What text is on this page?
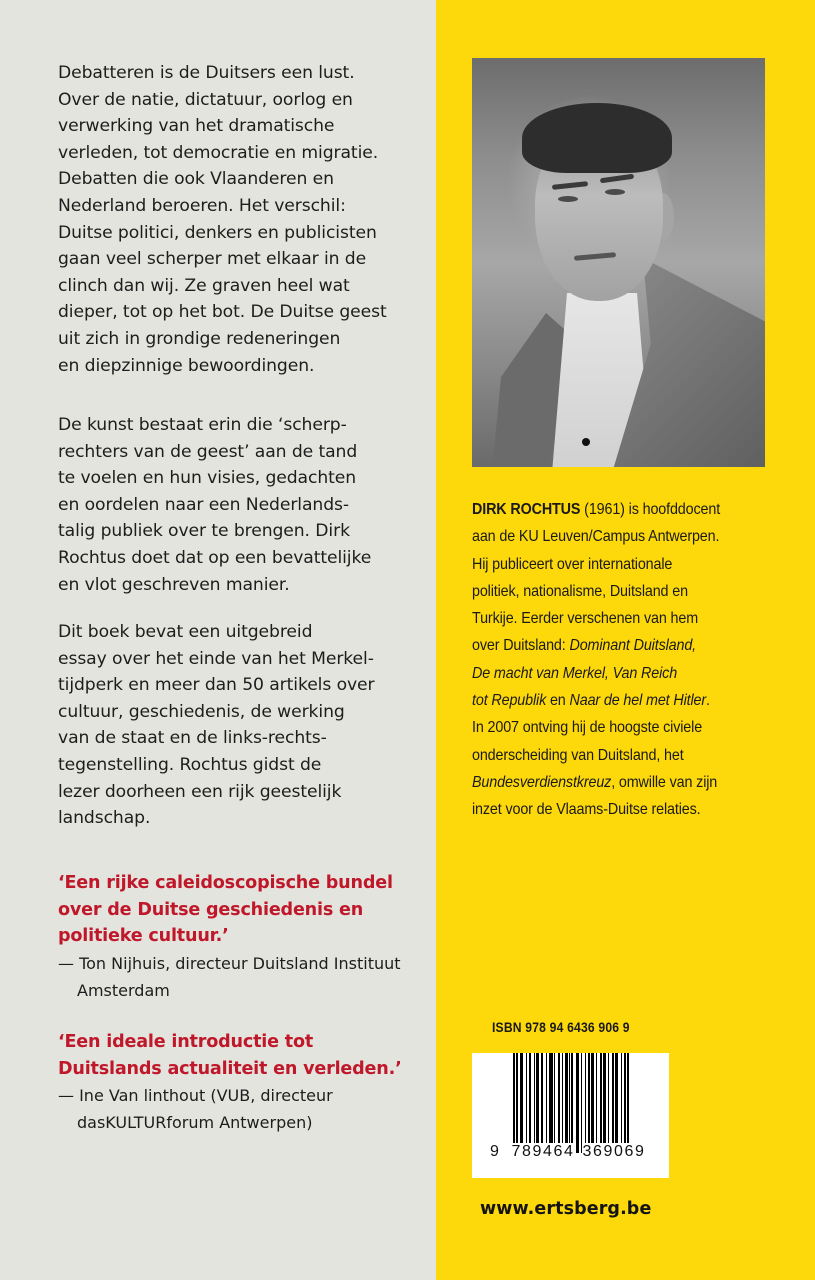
Debatteren is de Duitsers een lust.
Over de natie, dictatuur, oorlog en
verwerking van het dramatische
verleden, tot democratie en migratie.
Debatten die ook Vlaanderen en
Nederland beroeren. Het verschil:
Duitse politici, denkers en publicisten
gaan veel scherper met elkaar in de
clinch dan wij. Ze graven heel wat
dieper, tot op het bot. De Duitse geest
uit zich in grondige redeneringen
en diepzinnige bewoordingen.
De kunst bestaat erin die ‘scherp-
rechters van de geest’ aan de tand
te voelen en hun visies, gedachten
en oordelen naar een Nederlands-
talig publiek over te brengen. Dirk
Rochtus doet dat op een bevattelijke
en vlot geschreven manier.
Dit boek bevat een uitgebreid
essay over het einde van het Merkel-
tijdperk en meer dan 50 artikels over
cultuur, geschiedenis, de werking
van de staat en de links-rechts-
tegenstelling. Rochtus gidst de
lezer doorheen een rijk geestelijk
landschap.
‘Een rijke caleidoscopische bundel
over de Duitse geschiedenis en
politieke cultuur.’
— Ton Nijhuis, directeur Duitsland Instituut
Amsterdam
‘Een ideale introductie tot
Duitslands actualiteit en verleden.’
— Ine Van linthout (VUB, directeur
dasKULTURforum Antwerpen)
DIRK ROCHTUS (1961) is hoofddocent
aan de KU Leuven/Campus Antwerpen.
Hij publiceert over internationale
politiek, nationalisme, Duitsland en
Turkije. Eerder verschenen van hem
over Duitsland: Dominant Duitsland,
De macht van Merkel, Van Reich
tot Republik en Naar de hel met Hitler.
In 2007 ontving hij de hoogste civiele
onderscheiding van Duitsland, het
Bundesverdienstkreuz, omwille van zijn
inzet voor de Vlaams-Duitse relaties.
ISBN 978 94 6436 906 9
9 789464 369069
www.ertsberg.be
